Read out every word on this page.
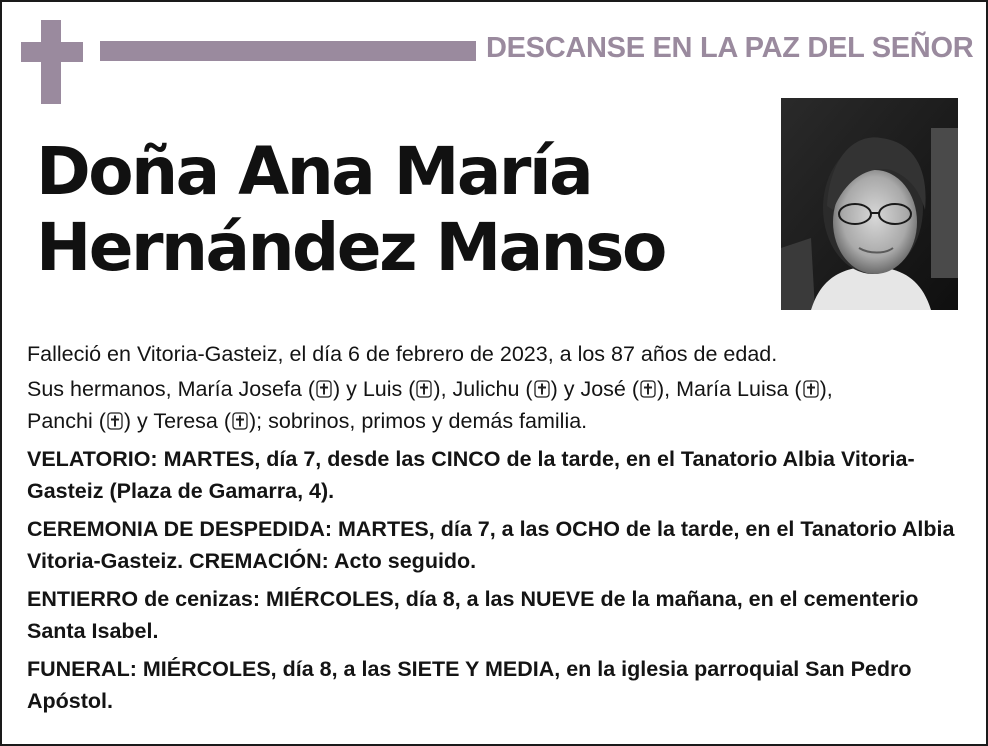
DESCANSE EN LA PAZ DEL SEÑOR
Doña Ana María
Hernández Manso

Falleció en Vitoria-Gasteiz, el día 6 de febrero de 2023, a los 87 años de edad.

Sus hermanos, María Josefa ( ) y Luis ( ), Julichu ( ) y José ( ), María Luisa ( ),
Panchi ( ) y Teresa ( ); sobrinos, primos y demás familia.

VELATORIO: MARTES, día 7, desde las CINCO de la tarde, en el Tanatorio Albia Vitoria-Gasteiz (Plaza de Gamarra, 4).

CEREMONIA DE DESPEDIDA: MARTES, día 7, a las OCHO de la tarde, en el Tanatorio Albia Vitoria-Gasteiz. CREMACIÓN: Acto seguido.

ENTIERRO de cenizas: MIÉRCOLES, día 8, a las NUEVE de la mañana, en el cementerio Santa Isabel.

FUNERAL: MIÉRCOLES, día 8, a las SIETE Y MEDIA, en la iglesia parroquial San Pedro Apóstol.
